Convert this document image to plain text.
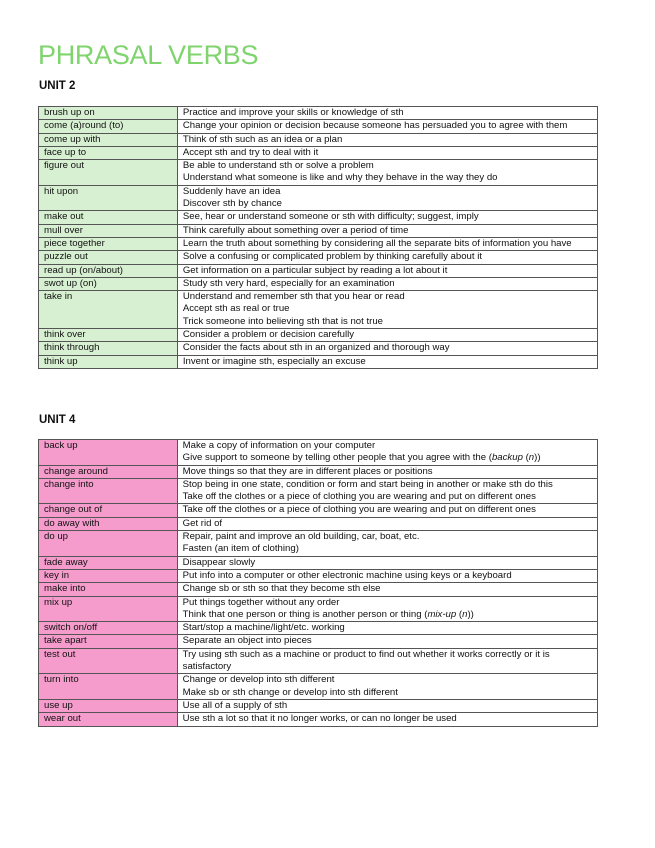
PHRASAL VERBS
UNIT 2
brush up on	Practice and improve your skills or knowledge of sth

come (a)round (to)	Change your opinion or decision because someone has persuaded you to agree with them

come up with	Think of sth such as an idea or a plan

face up to	Accept sth and try to deal with it

figure out	Be able to understand sth or solve a problem
Understand what someone is like and why they behave in the way they do

hit upon	Suddenly have an idea
Discover sth by chance

make out	See, hear or understand someone or sth with difficulty; suggest, imply

mull over	Think carefully about something over a period of time

piece together	Learn the truth about something by considering all the separate bits of information you have

puzzle out	Solve a confusing or complicated problem by thinking carefully about it

read up (on/about)	Get information on a particular subject by reading a lot about it

swot up (on)	Study sth very hard, especially for an examination

take in	Understand and remember sth that you hear or read
Accept sth as real or true
Trick someone into believing sth that is not true

think over	Consider a problem or decision carefully

think through	Consider the facts about sth in an organized and thorough way

think up	Invent or imagine sth, especially an excuse
UNIT 4
back up	Make a copy of information on your computer
Give support to someone by telling other people that you agree with the (backup (n))

change around	Move things so that they are in different places or positions

change into	Stop being in one state, condition or form and start being in another or make sth do this
Take off the clothes or a piece of clothing you are wearing and put on different ones

change out of	Take off the clothes or a piece of clothing you are wearing and put on different ones

do away with	Get rid of

do up	Repair, paint and improve an old building, car, boat, etc.
Fasten (an item of clothing)

fade away	Disappear slowly

key in	Put info into a computer or other electronic machine using keys or a keyboard

make into	Change sb or sth so that they become sth else

mix up	Put things together without any order
Think that one person or thing is another person or thing (mix-up (n))

switch on/off	Start/stop a machine/light/etc. working

take apart	Separate an object into pieces

test out	Try using sth such as a machine or product to find out whether it works correctly or it is satisfactory

turn into	Change or develop into sth different
Make sb or sth change or develop into sth different

use up	Use all of a supply of sth

wear out	Use sth a lot so that it no longer works, or can no longer be used
